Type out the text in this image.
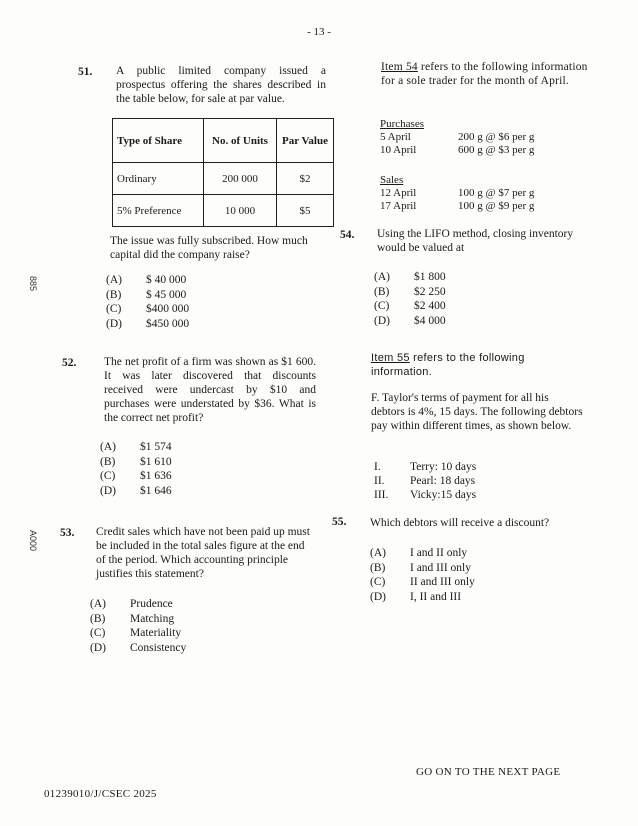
- 13 -
885
A000
51. A public limited company issued a prospectus offering the shares described in the table below, for sale at par value.
Type of Share	No. of Units	Par Value
Ordinary	200 000	$2
5% Preference	10 000	$5
The issue was fully subscribed. How much capital did the company raise?
(A)	$ 40 000
(B)	$ 45 000
(C)	$400 000
(D)	$450 000
52. The net profit of a firm was shown as $1 600. It was later discovered that discounts received were undercast by $10 and purchases were understated by $36. What is the correct net profit?
(A)	$1 574
(B)	$1 610
(C)	$1 636
(D)	$1 646
53. Credit sales which have not been paid up must be included in the total sales figure at the end of the period. Which accounting principle justifies this statement?
(A)	Prudence
(B)	Matching
(C)	Materiality
(D)	Consistency
Item 54 refers to the following information for a sole trader for the month of April.
Purchases
5 April	200 g @ $6 per g
10 April	600 g @ $3 per g
Sales
12 April	100 g @ $7 per g
17 April	100 g @ $9 per g
54. Using the LIFO method, closing inventory would be valued at
(A)	$1 800
(B)	$2 250
(C)	$2 400
(D)	$4 000
Item 55 refers to the following information.
F. Taylor's terms of payment for all his debtors is 4%, 15 days. The following debtors pay within different times, as shown below.
I.	Terry: 10 days
II.	Pearl: 18 days
III.	Vicky:15 days
55. Which debtors will receive a discount?
(A)	I and II only
(B)	I and III only
(C)	II and III only
(D)	I, II and III
GO ON TO THE NEXT PAGE
01239010/J/CSEC 2025
